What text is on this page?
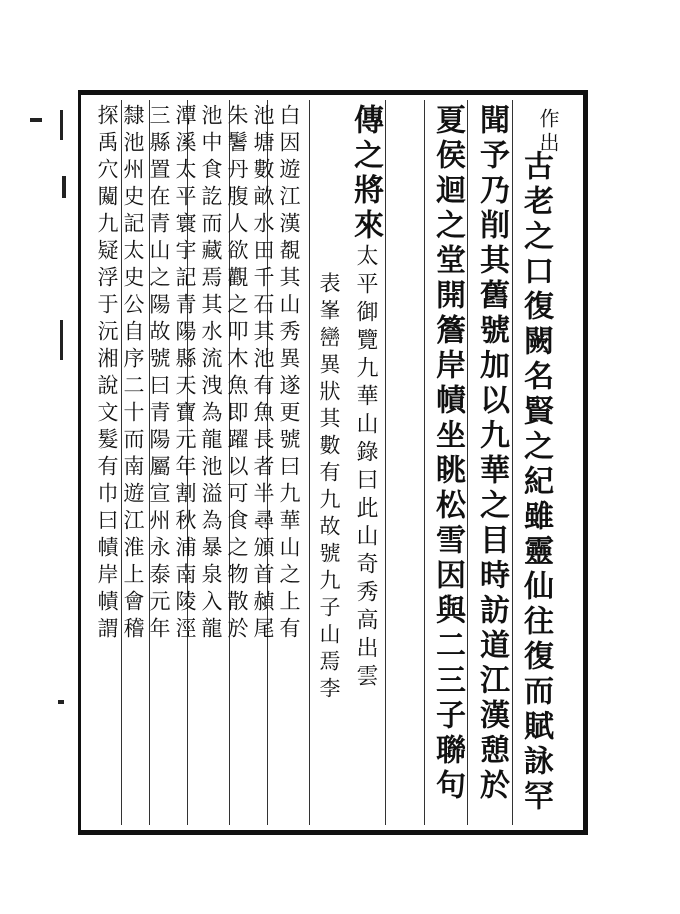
作出
古老之口復闕名賢之紀雖靈仙往復而賦詠罕
聞予乃削其舊號加以九華之目時訪道江漢憩於
夏侯迴之堂開簷岸幘坐眺松雪因與二三子聯句
傳之將來太平御覽九華山錄曰此山奇秀高出雲
表峯巒異狀其數有九故號九子山焉李
白因遊江漢覩其山秀異遂更號曰九華山之上有
池塘數畝水田千石其池有魚長者半尋頒首赬尾
朱鬐丹腹人欲觀之叩木魚即躍以可食之物散於
池中食訖而藏焉其水流洩為龍池溢為暴泉入龍
潭溪太平寰宇記青陽縣天寶元年割秋浦南陵涇
三縣置在青山之陽故號曰青陽屬宣州永泰元年
隸池州史記太史公自序二十而南遊江淮上會稽
探禹穴闚九疑浮于沅湘說文髮有巾曰幘岸幘謂
